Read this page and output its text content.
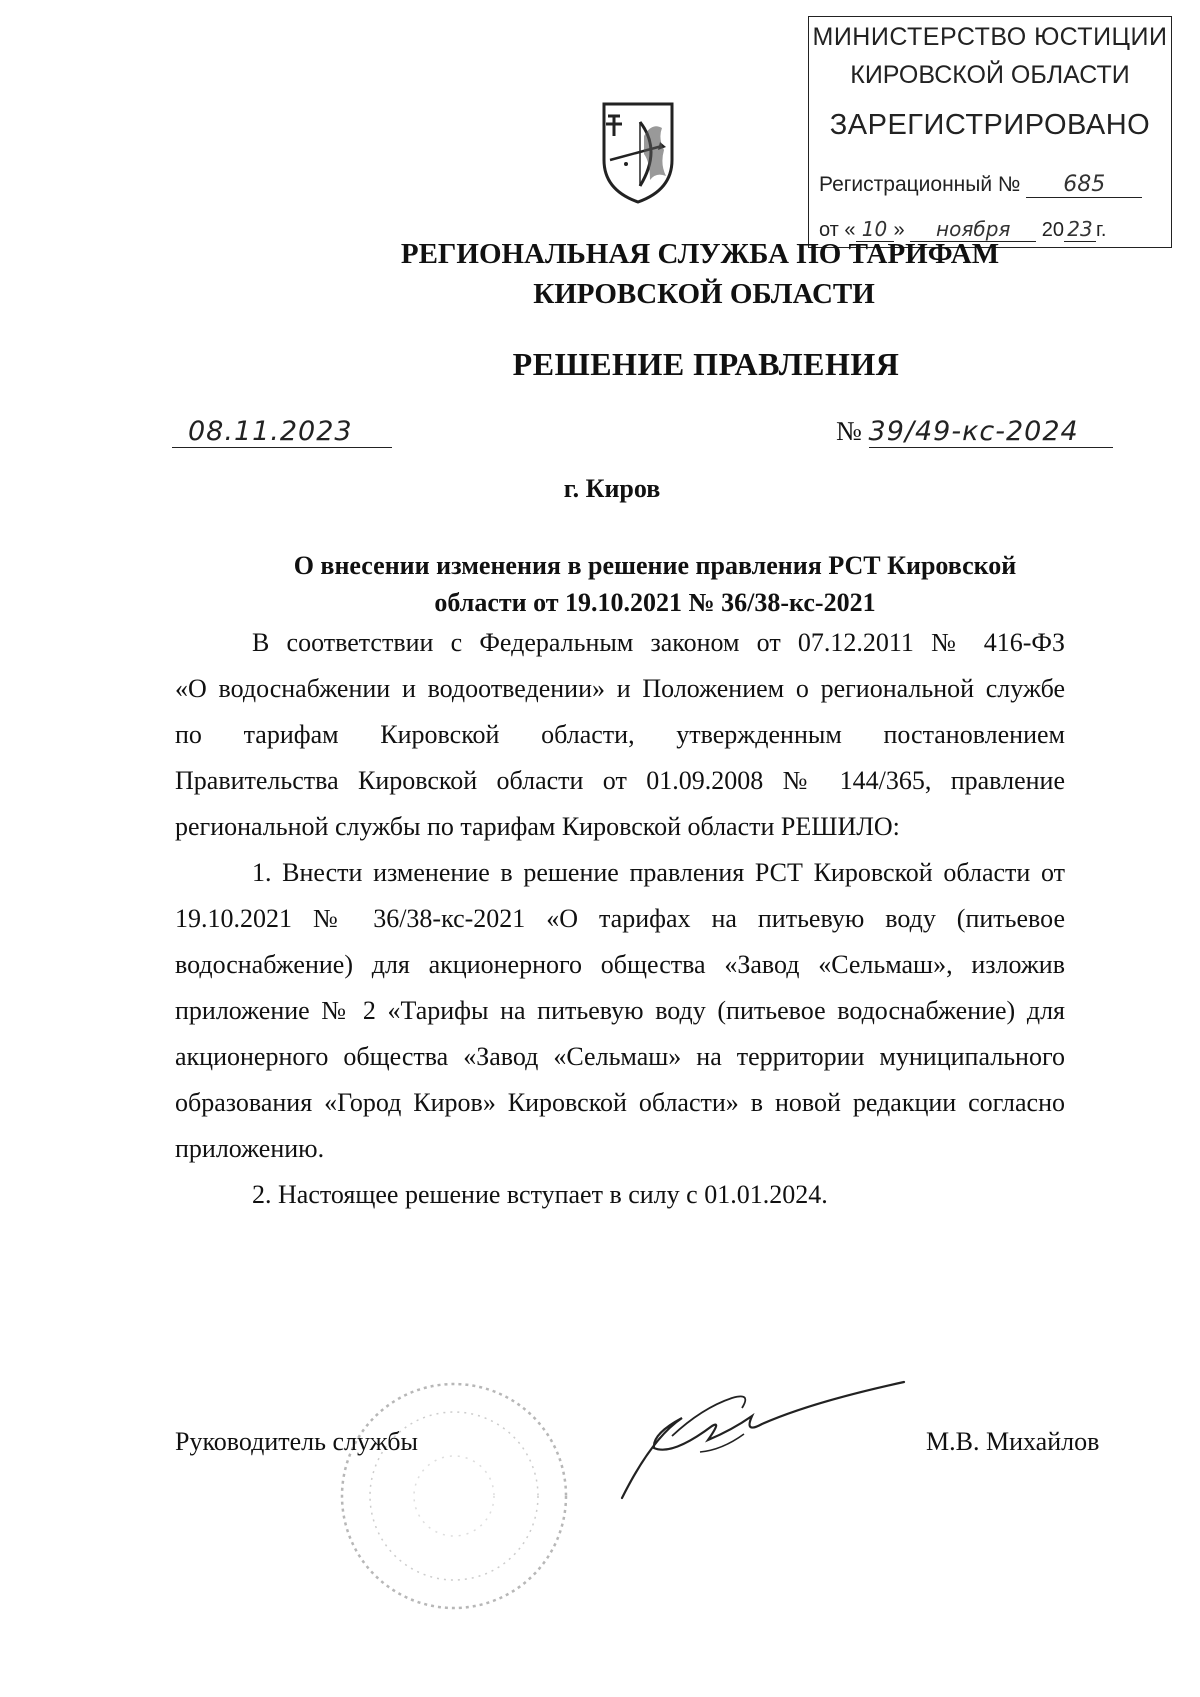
МИНИСТЕРСТВО ЮСТИЦИИ
КИРОВСКОЙ ОБЛАСТИ
ЗАРЕГИСТРИРОВАНО
Регистрационный № 685
от « 10 » ноября 20 23 г.
РЕГИОНАЛЬНАЯ СЛУЖБА ПО ТАРИФАМ
КИРОВСКОЙ ОБЛАСТИ
РЕШЕНИЕ ПРАВЛЕНИЯ
08.11.2023	№ 39/49-кс-2024
г. Киров
О внесении изменения в решение правления РСТ Кировской
области от 19.10.2021 № 36/38-кс-2021
В соответствии с Федеральным законом от 07.12.2011 № 416-ФЗ
«О водоснабжении и водоотведении» и Положением о региональной службе
по тарифам Кировской области, утвержденным постановлением
Правительства Кировской области от 01.09.2008 № 144/365, правление
региональной службы по тарифам Кировской области РЕШИЛО:
1. Внести изменение в решение правления РСТ Кировской области от
19.10.2021 № 36/38-кс-2021 «О тарифах на питьевую воду (питьевое
водоснабжение) для акционерного общества «Завод «Сельмаш», изложив
приложение № 2 «Тарифы на питьевую воду (питьевое водоснабжение) для
акционерного общества «Завод «Сельмаш» на территории муниципального
образования «Город Киров» Кировской области» в новой редакции согласно
приложению.
2. Настоящее решение вступает в силу с 01.01.2024.
Руководитель службы	М.В. Михайлов
